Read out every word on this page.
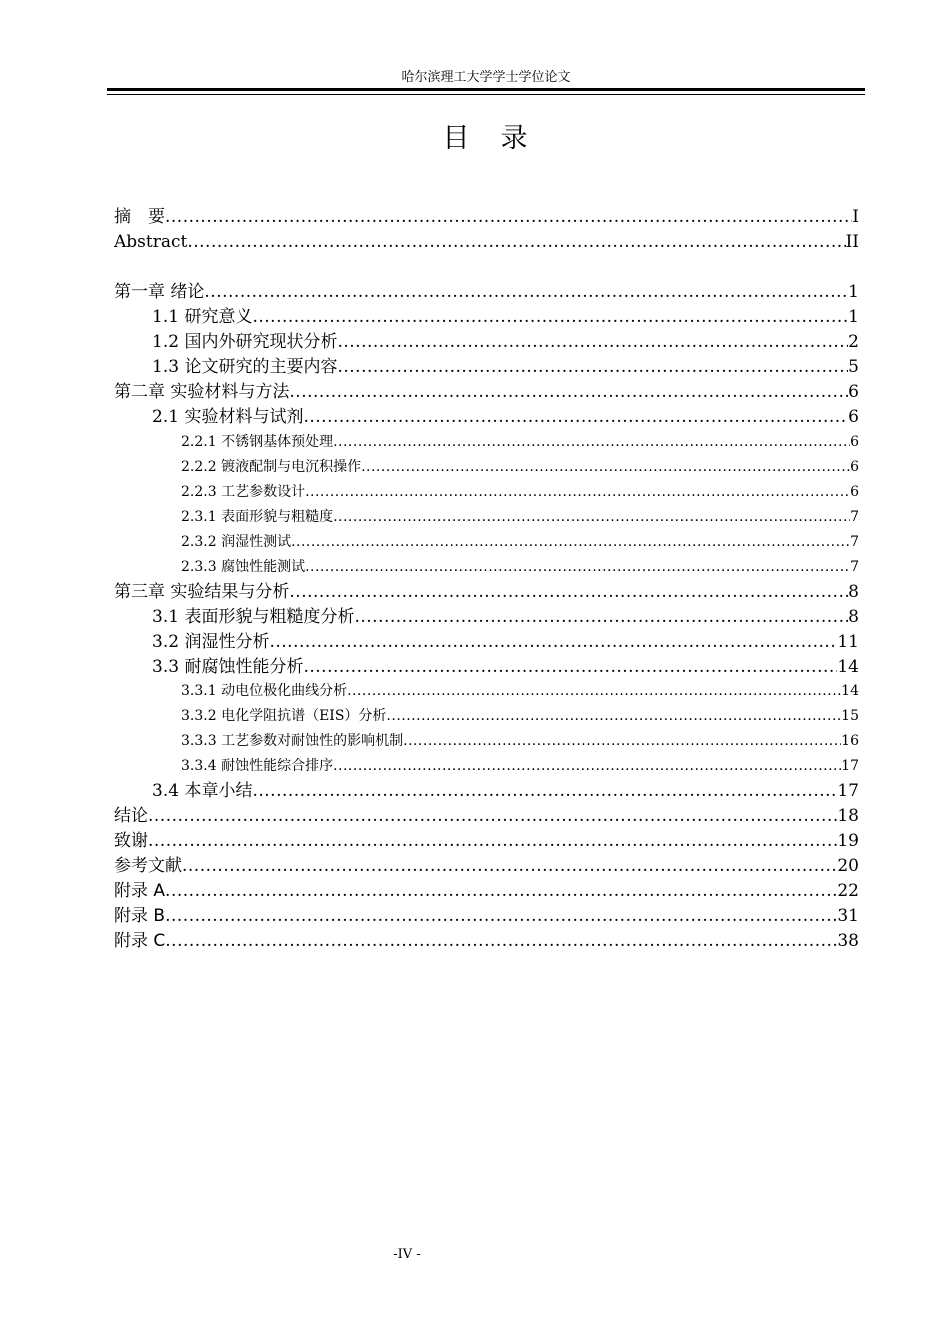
哈尔滨理工大学学士学位论文
目　录
摘　要 .....	I
Abstract .....	II
第一章 绪论 .....	1
1.1 研究意义 .....	1
1.2 国内外研究现状分析 .....	2
1.3 论文研究的主要内容 .....	5
第二章 实验材料与方法 .....	6
2.1 实验材料与试剂 .....	6
2.2.1 不锈钢基体预处理 .....	6
2.2.2 镀液配制与电沉积操作 .....	6
2.2.3 工艺参数设计 .....	6
2.3.1 表面形貌与粗糙度 .....	7
2.3.2 润湿性测试 .....	7
2.3.3 腐蚀性能测试 .....	7
第三章 实验结果与分析 .....	8
3.1 表面形貌与粗糙度分析 .....	8
3.2 润湿性分析 .....	11
3.3 耐腐蚀性能分析 .....	14
3.3.1 动电位极化曲线分析 .....	14
3.3.2 电化学阻抗谱（EIS）分析 .....	15
3.3.3 工艺参数对耐蚀性的影响机制 .....	16
3.3.4 耐蚀性能综合排序 .....	17
3.4 本章小结 .....	17
结论 .....	18
致谢 .....	19
参考文献 .....	20
附录 A .....	22
附录 B .....	31
附录 C .....	38
-IV -
